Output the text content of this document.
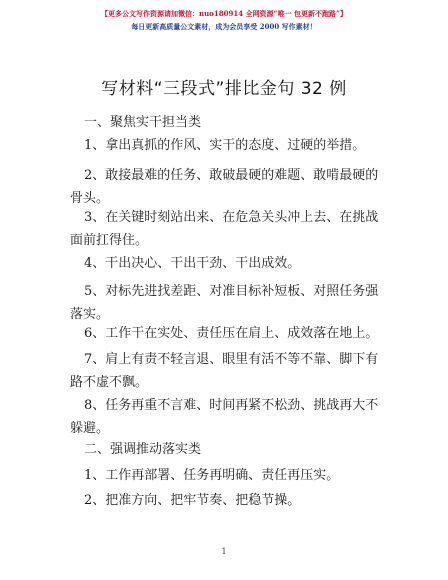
【更多公文写作资源请加微信：nuo180914 全网资源“唯一 包更新不跑路”】
每日更新高质量公文素材，成为会员享受 2000 写作素材！
写材料“三段式”排比金句 32 例
一、聚焦实干担当类
1、拿出真抓的作风、实干的态度、过硬的举措。
2、敢接最难的任务、敢破最硬的难题、敢啃最硬的骨头。
3、在关键时刻站出来、在危急关头冲上去、在挑战面前扛得住。
4、干出决心、干出干劲、干出成效。
5、对标先进找差距、对准目标补短板、对照任务强落实。
6、工作干在实处、责任压在肩上、成效落在地上。
7、肩上有责不轻言退、眼里有活不等不靠、脚下有路不虚不飘。
8、任务再重不言难、时间再紧不松劲、挑战再大不躲避。
二、强调推动落实类
1、工作再部署、任务再明确、责任再压实。
2、把准方向、把牢节奏、把稳节操。
1
